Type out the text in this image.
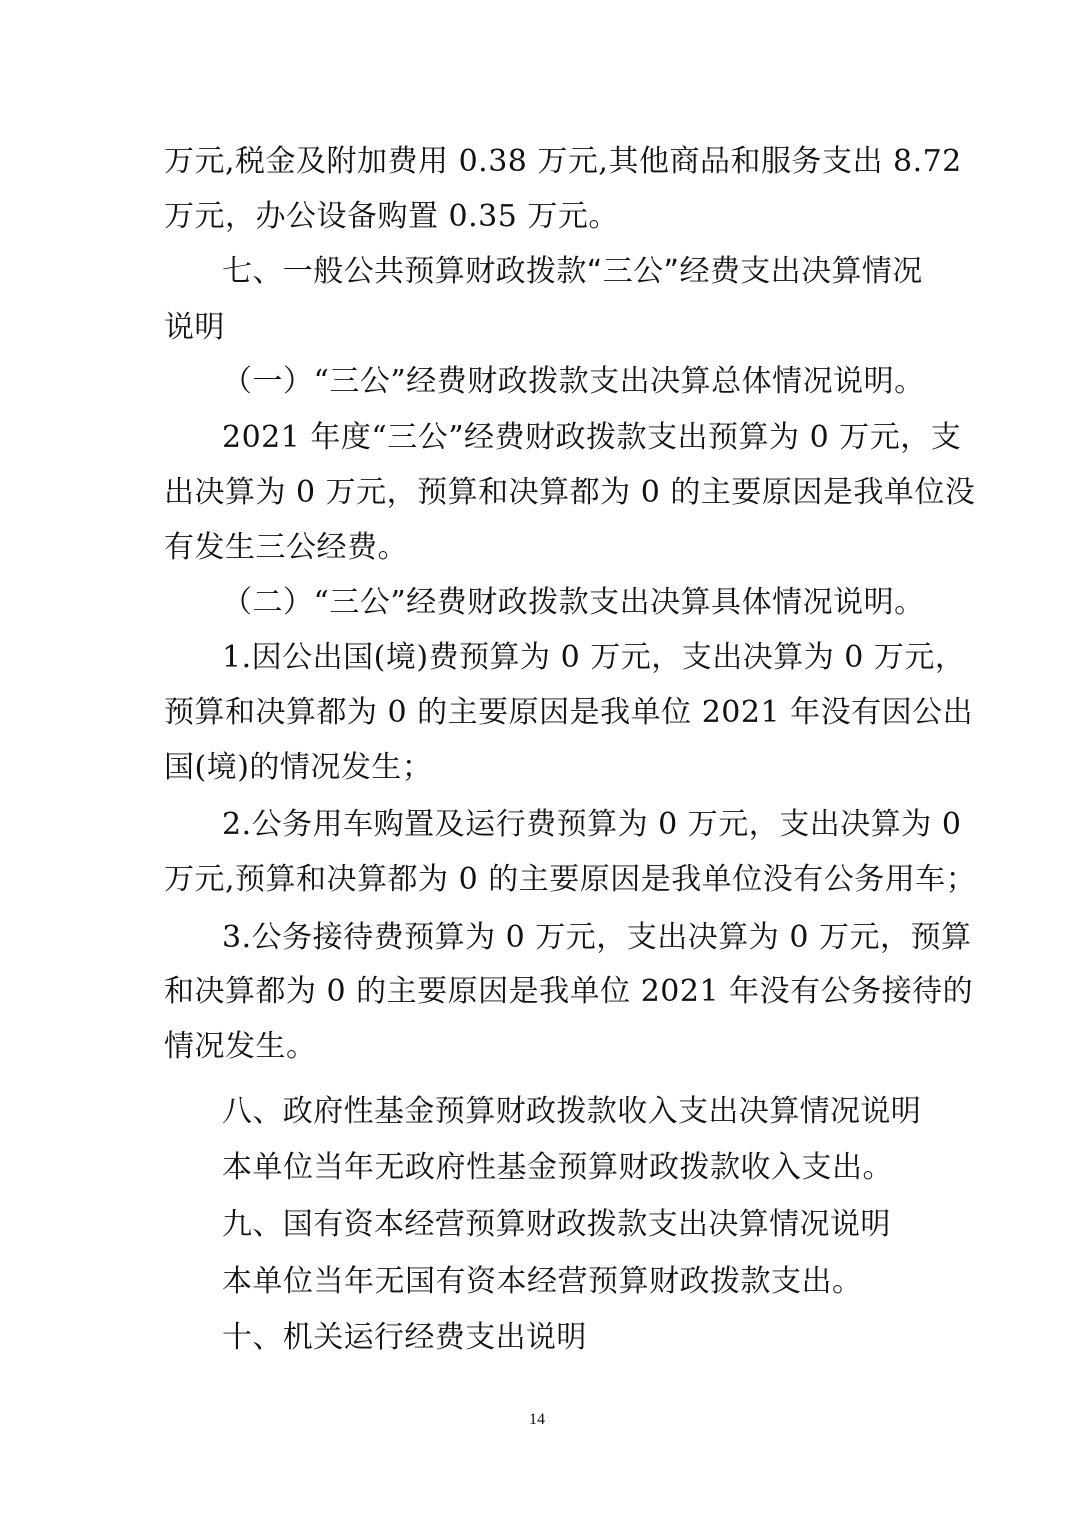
万元,税金及附加费用 0.38 万元,其他商品和服务支出 8.72
万元，办公设备购置 0.35 万元。
七、一般公共预算财政拨款“三公”经费支出决算情况
说明
（一）“三公”经费财政拨款支出决算总体情况说明。
2021 年度“三公”经费财政拨款支出预算为 0 万元，支
出决算为 0 万元，预算和决算都为 0 的主要原因是我单位没
有发生三公经费。
（二）“三公”经费财政拨款支出决算具体情况说明。
1.因公出国(境)费预算为 0 万元，支出决算为 0 万元，
预算和决算都为 0 的主要原因是我单位 2021 年没有因公出
国(境)的情况发生；
2.公务用车购置及运行费预算为 0 万元，支出决算为 0
万元,预算和决算都为 0 的主要原因是我单位没有公务用车；
3.公务接待费预算为 0 万元，支出决算为 0 万元，预算
和决算都为 0 的主要原因是我单位 2021 年没有公务接待的
情况发生。
八、政府性基金预算财政拨款收入支出决算情况说明
本单位当年无政府性基金预算财政拨款收入支出。
九、国有资本经营预算财政拨款支出决算情况说明
本单位当年无国有资本经营预算财政拨款支出。
十、机关运行经费支出说明
14
